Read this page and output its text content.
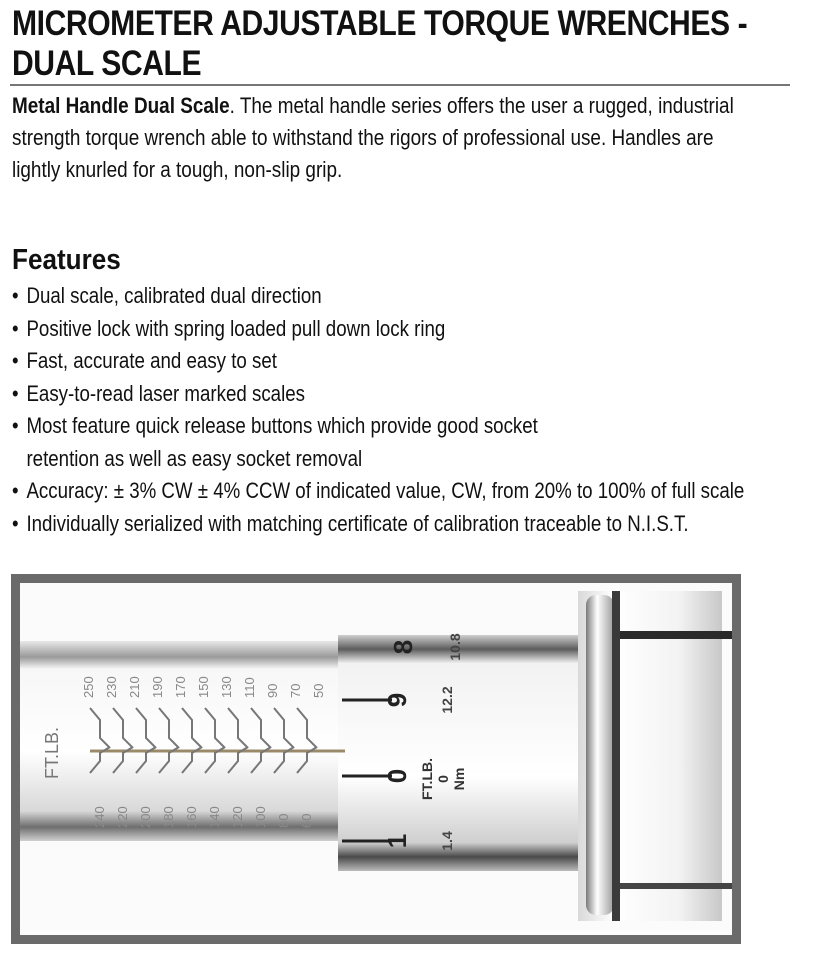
MICROMETER ADJUSTABLE TORQUE WRENCHES -
DUAL SCALE

Metal Handle Dual Scale. The metal handle series offers the user a rugged, industrial strength torque wrench able to withstand the rigors of professional use. Handles are lightly knurled for a tough, non-slip grip.

Features
• Dual scale, calibrated dual direction
• Positive lock with spring loaded pull down lock ring
• Fast, accurate and easy to set
• Easy-to-read laser marked scales
• Most feature quick release buttons which provide good socket retention as well as easy socket removal
• Accuracy: ± 3% CW ± 4% CCW of indicated value, CW, from 20% to 100% of full scale
• Individually serialized with matching certificate of calibration traceable to N.I.S.T.
FT.LB.
250 230 210 190 170 150 130 110 90 70 50
240 220 200 180 160 140 120 100 80 60
8
9
0
1
FT.LB. 0 Nm
10.8
12.2
1.4
